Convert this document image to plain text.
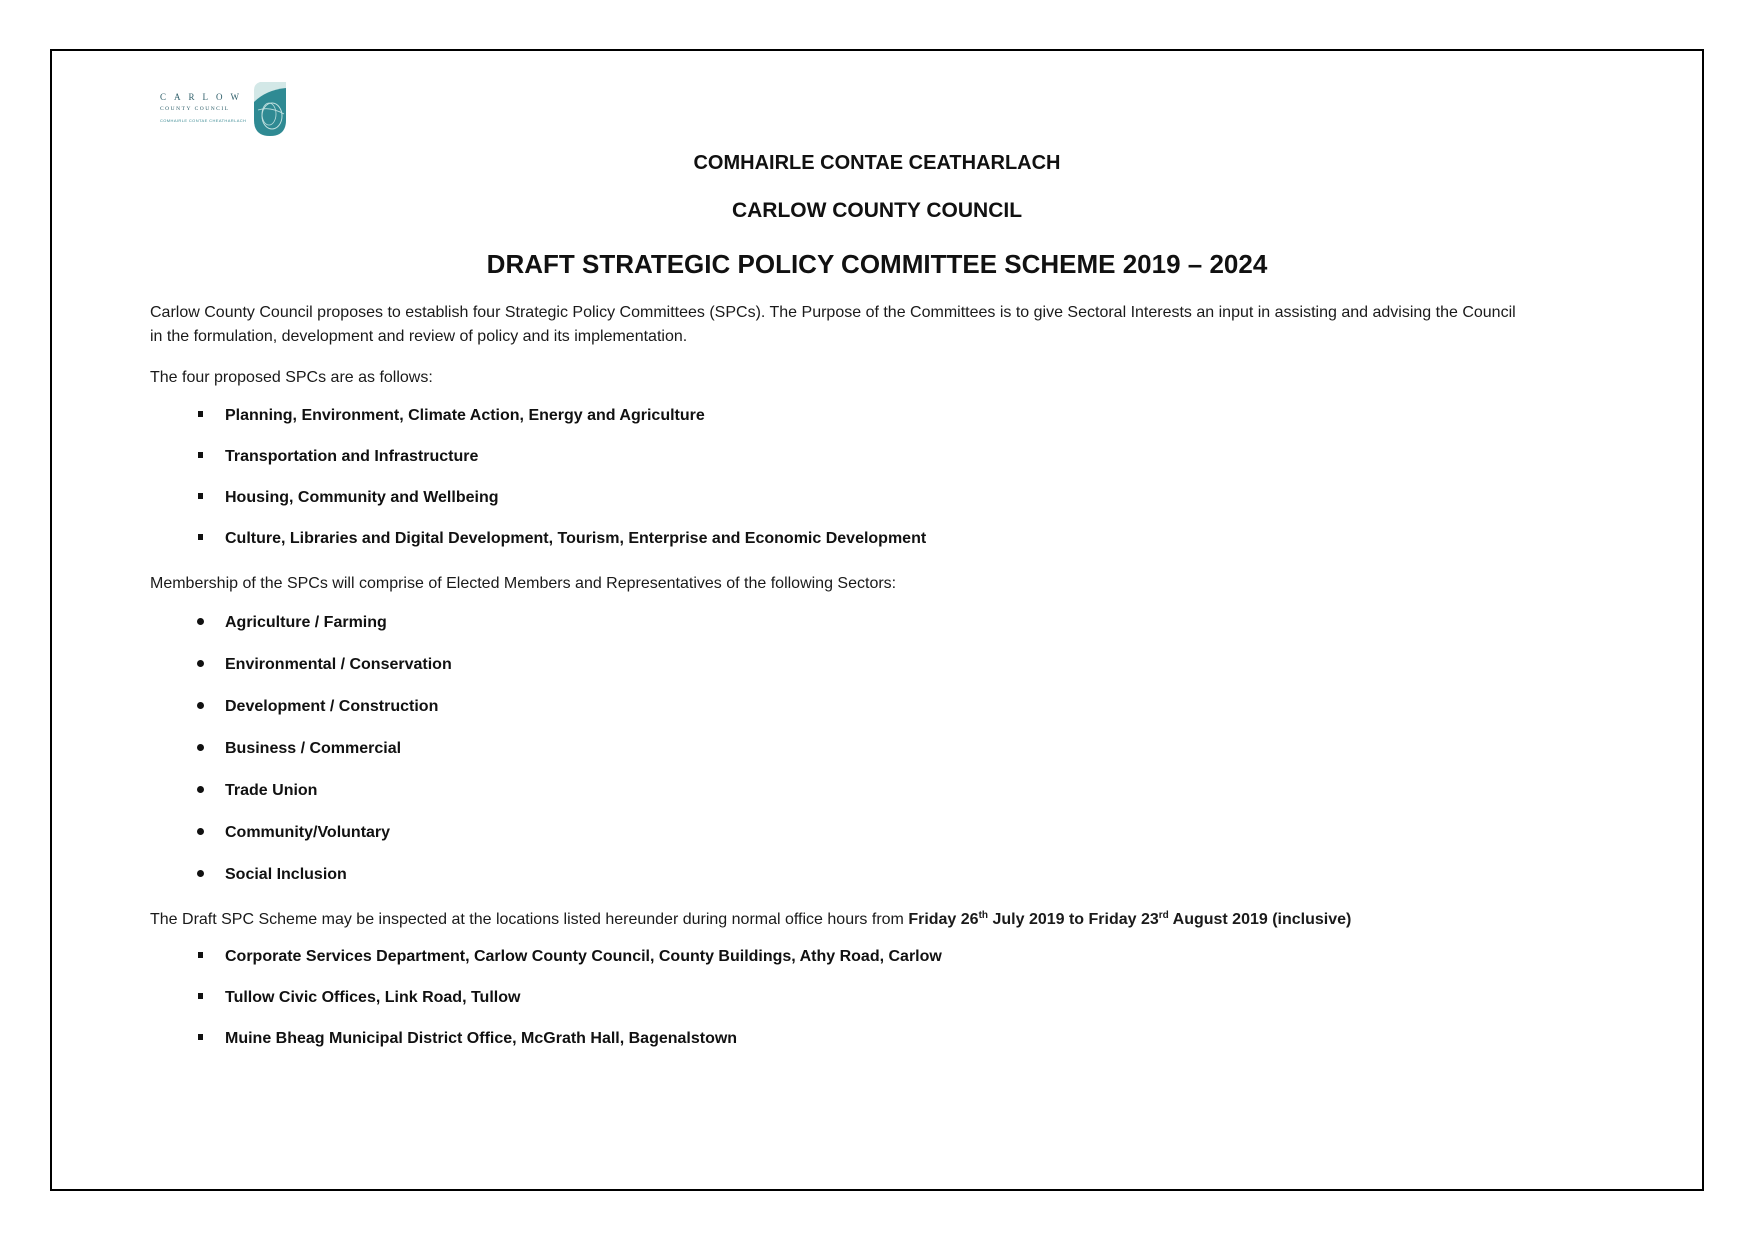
CARLOW
COUNTY COUNCIL
COMHAIRLE CONTAE CHEATHARLACH
COMHAIRLE CONTAE CEATHARLACH
CARLOW COUNTY COUNCIL
DRAFT STRATEGIC POLICY COMMITTEE SCHEME 2019 – 2024
Carlow County Council proposes to establish four Strategic Policy Committees (SPCs). The Purpose of the Committees is to give Sectoral Interests an input in assisting and advising the Council
in the formulation, development and review of policy and its implementation.
The four proposed SPCs are as follows:
Planning, Environment, Climate Action, Energy and Agriculture
Transportation and Infrastructure
Housing, Community and Wellbeing
Culture, Libraries and Digital Development, Tourism, Enterprise and Economic Development
Membership of the SPCs will comprise of Elected Members and Representatives of the following Sectors:
Agriculture / Farming
Environmental / Conservation
Development / Construction
Business / Commercial
Trade Union
Community/Voluntary
Social Inclusion
The Draft SPC Scheme may be inspected at the locations listed hereunder during normal office hours from Friday 26th July 2019 to Friday 23rd August 2019 (inclusive)
Corporate Services Department, Carlow County Council, County Buildings, Athy Road, Carlow
Tullow Civic Offices, Link Road, Tullow
Muine Bheag Municipal District Office, McGrath Hall, Bagenalstown
